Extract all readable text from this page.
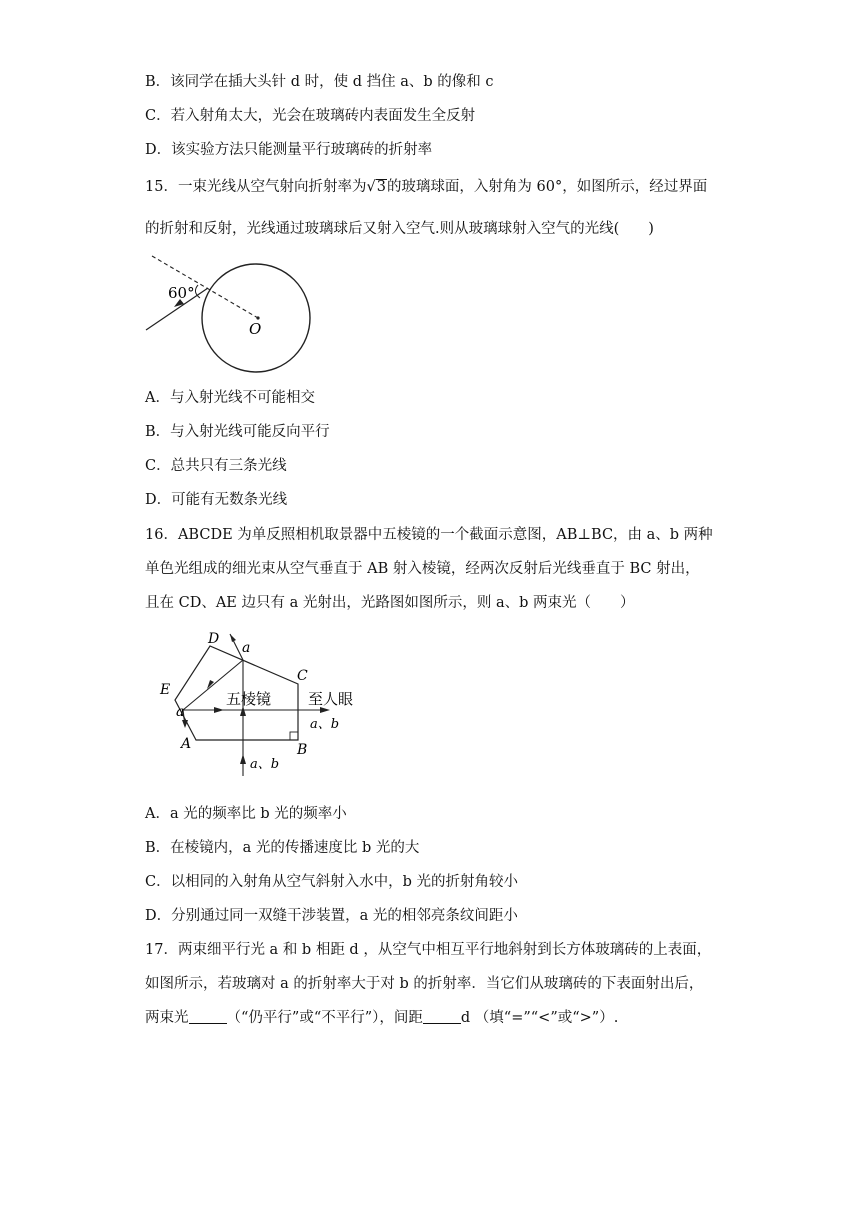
B．该同学在插大头针 d 时，使 d 挡住 a、b 的像和 c
C．若入射角太大，光会在玻璃砖内表面发生全反射
D．该实验方法只能测量平行玻璃砖的折射率
15．一束光线从空气射向折射率为√3的玻璃球面，入射角为 60°，如图所示，经过界面
的折射和反射，光线通过玻璃球后又射入空气.则从玻璃球射入空气的光线(　　)
60°
O
A．与入射光线不可能相交
B．与入射光线可能反向平行
C．总共只有三条光线
D．可能有无数条光线
16．ABCDE 为单反照相机取景器中五棱镜的一个截面示意图，AB⊥BC，由 a、b 两种
单色光组成的细光束从空气垂直于 AB 射入棱镜，经两次反射后光线垂直于 BC 射出，
且在 CD、AE 边只有 a 光射出，光路图如图所示，则 a、b 两束光（　　）
D
C
E
A	B
a
a
五棱镜 至人眼
a、b
a、b
A．a 光的频率比 b 光的频率小
B．在棱镜内，a 光的传播速度比 b 光的大
C．以相同的入射角从空气斜射入水中，b 光的折射角较小
D．分别通过同一双缝干涉装置，a 光的相邻亮条纹间距小
17．两束细平行光 a 和 b 相距 d ，从空气中相互平行地斜射到长方体玻璃砖的上表面，
如图所示，若玻璃对 a 的折射率大于对 b 的折射率．当它们从玻璃砖的下表面射出后，
两束光	（“仍平行”或“不平行”），间距	d （填“=”“<”或“>”）.
